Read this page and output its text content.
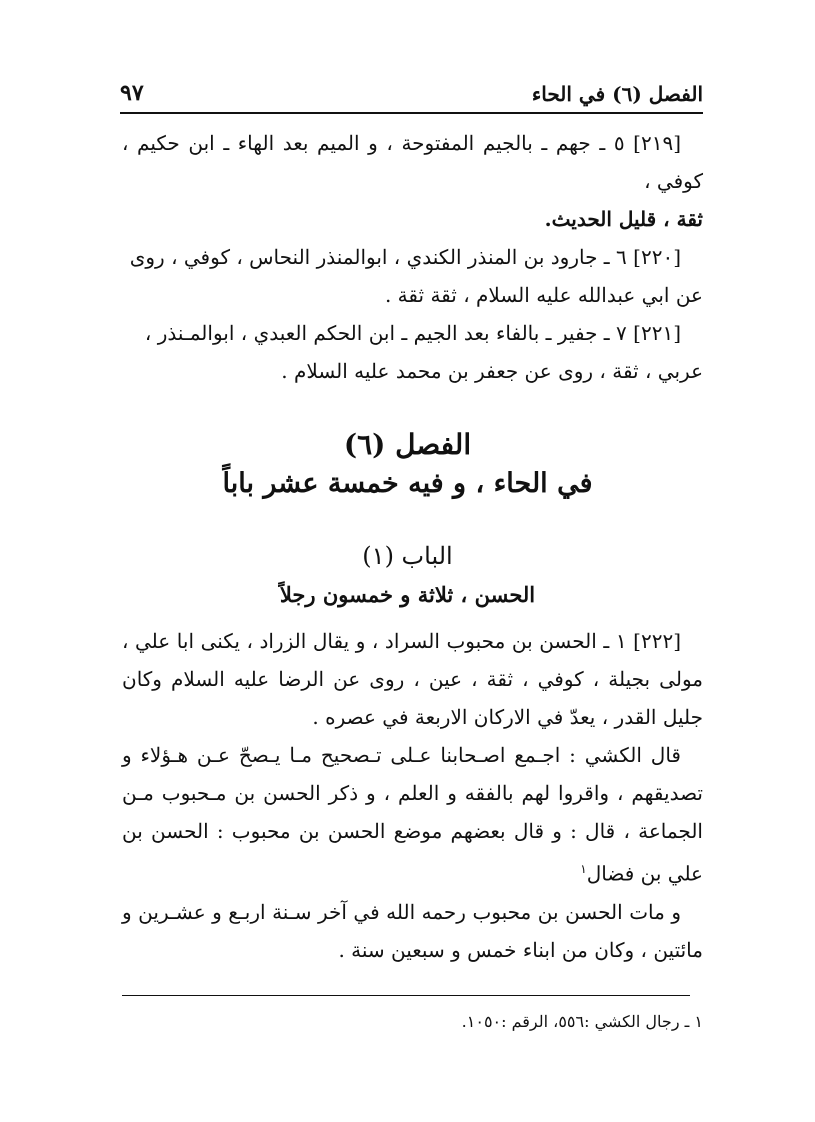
٩٧	الفصل (٦) في الحاء

[٢١٩] ٥ ـ جهم ـ بالجيم المفتوحة ، و الميم بعد الهاء ـ ابن حكيم ، كوفي ،

ثقة ، قليل الحديث.

[٢٢٠] ٦ ـ جارود بن المنذر الكندي ، ابوالمنذر النحاس ، كوفي ، روى

عن ابي عبدالله عليه السلام ، ثقة ثقة .

[٢٢١] ٧ ـ جفير ـ بالفاء بعد الجيم ـ ابن الحكم العبدي ، ابوالمـنذر ،

عربي ، ثقة ، روى عن جعفر بن محمد عليه السلام .

الفصل (٦)
في الحاء ، و فيه خمسة عشر باباً
الباب (١)
الحسن ، ثلاثة و خمسون رجلاً

[٢٢٢] ١ ـ الحسن بن محبوب السراد ، و يقال الزراد ، يكنى ابا علي ، مولى بجيلة ، كوفي ، ثقة ، عين ، روى عن الرضا عليه السلام وكان جليل القدر ، يعدّ في الاركان الاربعة في عصره .

قال الكشي : اجـمع اصـحابنا عـلى تـصحيح مـا يـصحّ عـن هـؤلاء و تصديقهم ، واقروا لهم بالفقه و العلم ، و ذكر الحسن بن مـحبوب مـن الجماعة ، قال : و قال بعضهم موضع الحسن بن محبوب : الحسن بن علي بن فضال$^١$

و مات الحسن بن محبوب رحمه الله في آخر سـنة اربـع و عشـرين و مائتين ، وكان من ابناء خمس و سبعين سنة .

١ ـ رجال الكشي :٥٥٦، الرقم :١٠٥٠.
